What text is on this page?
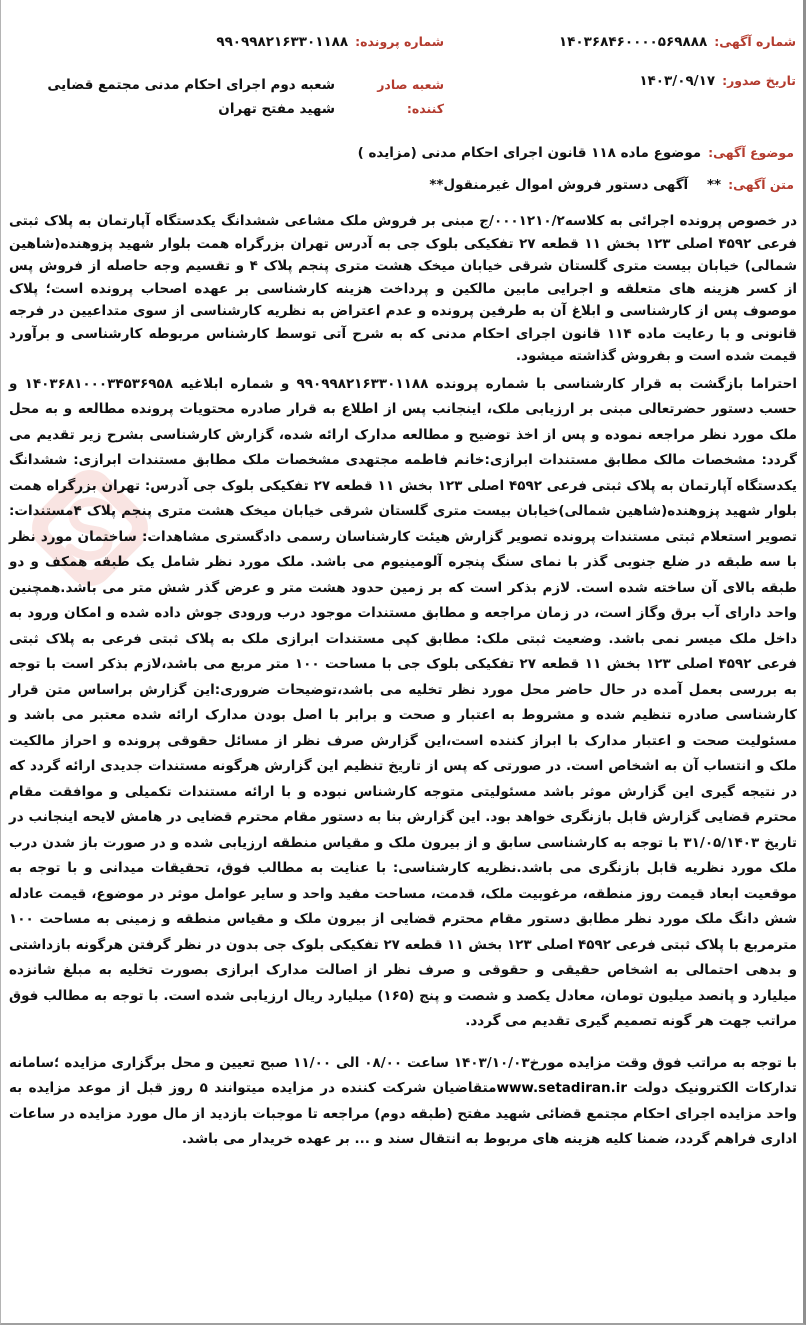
شماره آگهی:
۱۴۰۳۶۸۴۶۰۰۰۰۵۶۹۸۸۸
شماره پرونده:
۹۹۰۹۹۸۲۱۶۳۳۰۱۱۸۸
تاریخ صدور:
۱۴۰۳/۰۹/۱۷
شعبه صادر کننده:
شعبه دوم اجرای احکام مدنی مجتمع قضایی شهید مفتح تهران
موضوع آگهی:
موضوع ماده ۱۱۸ قانون اجرای احکام مدنی (مزایده )
متن آگهی:
**    آگهی دستور فروش اموال غیرمنقول**

در خصوص پرونده اجرائی به کلاسه۰۰۰۱۲۱۰/۲/ج مبنی بر فروش ملک مشاعی ششدانگ یکدستگاه آپارتمان به پلاک ثبتی فرعی ۴۵۹۲ اصلی ۱۲۳ بخش ۱۱ قطعه ۲۷ تفکیکی بلوک جی به آدرس تهران بزرگراه همت بلوار شهید پزوهنده(شاهین شمالی) خیابان بیست متری گلستان شرقی خیابان میخک هشت متری پنجم پلاک ۴ و تقسیم وجه حاصله از فروش پس از کسر هزینه های متعلقه و اجرایی مابین مالکین و پرداخت هزینه کارشناسی بر عهده اصحاب پرونده است؛ پلاک موصوف پس از کارشناسی و ابلاغ آن به طرفین پرونده و عدم اعتراض به نظریه کارشناسی از سوی متداعیین در فرجه قانونی و با رعایت ماده ۱۱۴ قانون اجرای احکام مدنی که به شرح آتی توسط کارشناس مربوطه کارشناسی و برآورد قیمت شده است و بفروش گذاشته میشود.

احتراما بازگشت به قرار کارشناسی با شماره پرونده ۹۹۰۹۹۸۲۱۶۳۳۰۱۱۸۸ و شماره ابلاغیه ۱۴۰۳۶۸۱۰۰۰۳۴۵۳۶۹۵۸ و حسب دستور حضرتعالی مبنی بر ارزیابی ملک، اینجانب پس از اطلاع به قرار صادره محتویات پرونده مطالعه و به محل ملک مورد نظر مراجعه نموده و پس از اخذ توضیح و مطالعه مدارک ارائه شده، گزارش کارشناسی بشرح زیر تقدیم می گردد: مشخصات مالک مطابق مستندات ابرازی:خانم فاطمه مجتهدی مشخصات ملک مطابق مستندات ابرازی: ششدانگ یکدستگاه آپارتمان به پلاک ثبتی فرعی ۴۵۹۲ اصلی ۱۲۳ بخش ۱۱ قطعه ۲۷ تفکیکی بلوک جی آدرس: تهران بزرگراه همت بلوار شهید پزوهنده(شاهین شمالی)خیابان بیست متری گلستان شرقی خیابان میخک هشت متری پنجم پلاک ۴مستندات: تصویر استعلام ثبتی مستندات پرونده تصویر گزارش هیئت کارشناسان رسمی دادگستری مشاهدات: ساختمان مورد نظر با سه طبقه در ضلع جنوبی گذر با نمای سنگ پنجره آلومینیوم می باشد. ملک مورد نظر شامل یک طبقه همکف و دو طبقه بالای آن ساخته شده است. لازم بذکر است که بر زمین حدود هشت متر و عرض گذر شش متر می باشد.همچنین واحد دارای آب برق وگاز است، در زمان مراجعه و مطابق مستندات موجود درب ورودی جوش داده شده و امکان ورود به داخل ملک میسر نمی باشد. وضعیت ثبتی ملک: مطابق کپی مستندات ابرازی ملک به پلاک ثبتی فرعی به پلاک ثبتی فرعی ۴۵۹۲ اصلی ۱۲۳ بخش ۱۱ قطعه ۲۷ تفکیکی بلوک جی با مساحت ۱۰۰ متر مربع می باشد،لازم بذکر است با توجه به بررسی بعمل آمده در حال حاضر محل مورد نظر تخلیه می باشد،توضیحات ضروری:این گزارش براساس متن قرار کارشناسی صادره تنظیم شده و مشروط به اعتبار و صحت و برابر با اصل بودن مدارک ارائه شده معتبر می باشد و مسئولیت صحت و اعتبار مدارک با ابراز کننده است،این گزارش صرف نظر از مسائل حقوقی پرونده و احراز مالکیت ملک و انتساب آن به اشخاص است. در صورتی که پس از تاریخ تنظیم این گزارش هرگونه مستندات جدیدی ارائه گردد که در نتیجه گیری این گزارش موثر باشد مسئولیتی متوجه کارشناس نبوده و با ارائه مستندات تکمیلی و موافقت مقام محترم قضایی گزارش قابل بازنگری خواهد بود. این گزارش بنا به دستور مقام محترم قضایی در هامش لایحه اینجانب در تاریخ ۳۱/۰۵/۱۴۰۳ با توجه به کارشناسی سابق و از بیرون ملک و مقیاس منطقه ارزیابی شده و در صورت باز شدن درب ملک مورد نظریه قابل بازنگری می باشد.نظریه کارشناسی: با عنایت به مطالب فوق، تحقیقات میدانی و با توجه به موقعیت ابعاد قیمت روز منطقه، مرغوبیت ملک، قدمت، مساحت مفید واحد و سایر عوامل موثر در موضوع، قیمت عادله شش دانگ ملک مورد نظر مطابق دستور مقام محترم قضایی از بیرون ملک و مقیاس منطقه و زمینی به مساحت ۱۰۰ مترمربع با پلاک ثبتی فرعی ۴۵۹۲ اصلی ۱۲۳ بخش ۱۱ قطعه ۲۷ تفکیکی بلوک جی بدون در نظر گرفتن هرگونه بازداشتی و بدهی احتمالی به اشخاص حقیقی و حقوقی و صرف نظر از اصالت مدارک ابرازی بصورت تخلیه به مبلغ شانزده میلیارد و پانصد میلیون تومان، معادل یکصد و شصت و پنج (۱۶۵) میلیارد ریال ارزیابی شده است. با توجه به مطالب فوق مراتب جهت هر گونه تصمیم گیری تقدیم می گردد.

با توجه به مراتب فوق وقت مزایده مورخ۱۴۰۳/۱۰/۰۳ ساعت ۰۸/۰۰ الی ۱۱/۰۰ صبح تعیین و محل برگزاری مزایده ؛سامانه تدارکات الکترونیک دولت www.setadiran.irمتقاضیان شرکت کننده در مزایده میتوانند ۵ روز قبل از موعد مزایده به واحد مزایده اجرای احکام مجتمع قضائی شهید مفتح (طبقه دوم) مراجعه تا موجبات بازدید از مال مورد مزایده در ساعات اداری فراهم گردد، ضمنا کلیه هزینه های مربوط به انتقال سند و ... بر عهده خریدار می باشد.
